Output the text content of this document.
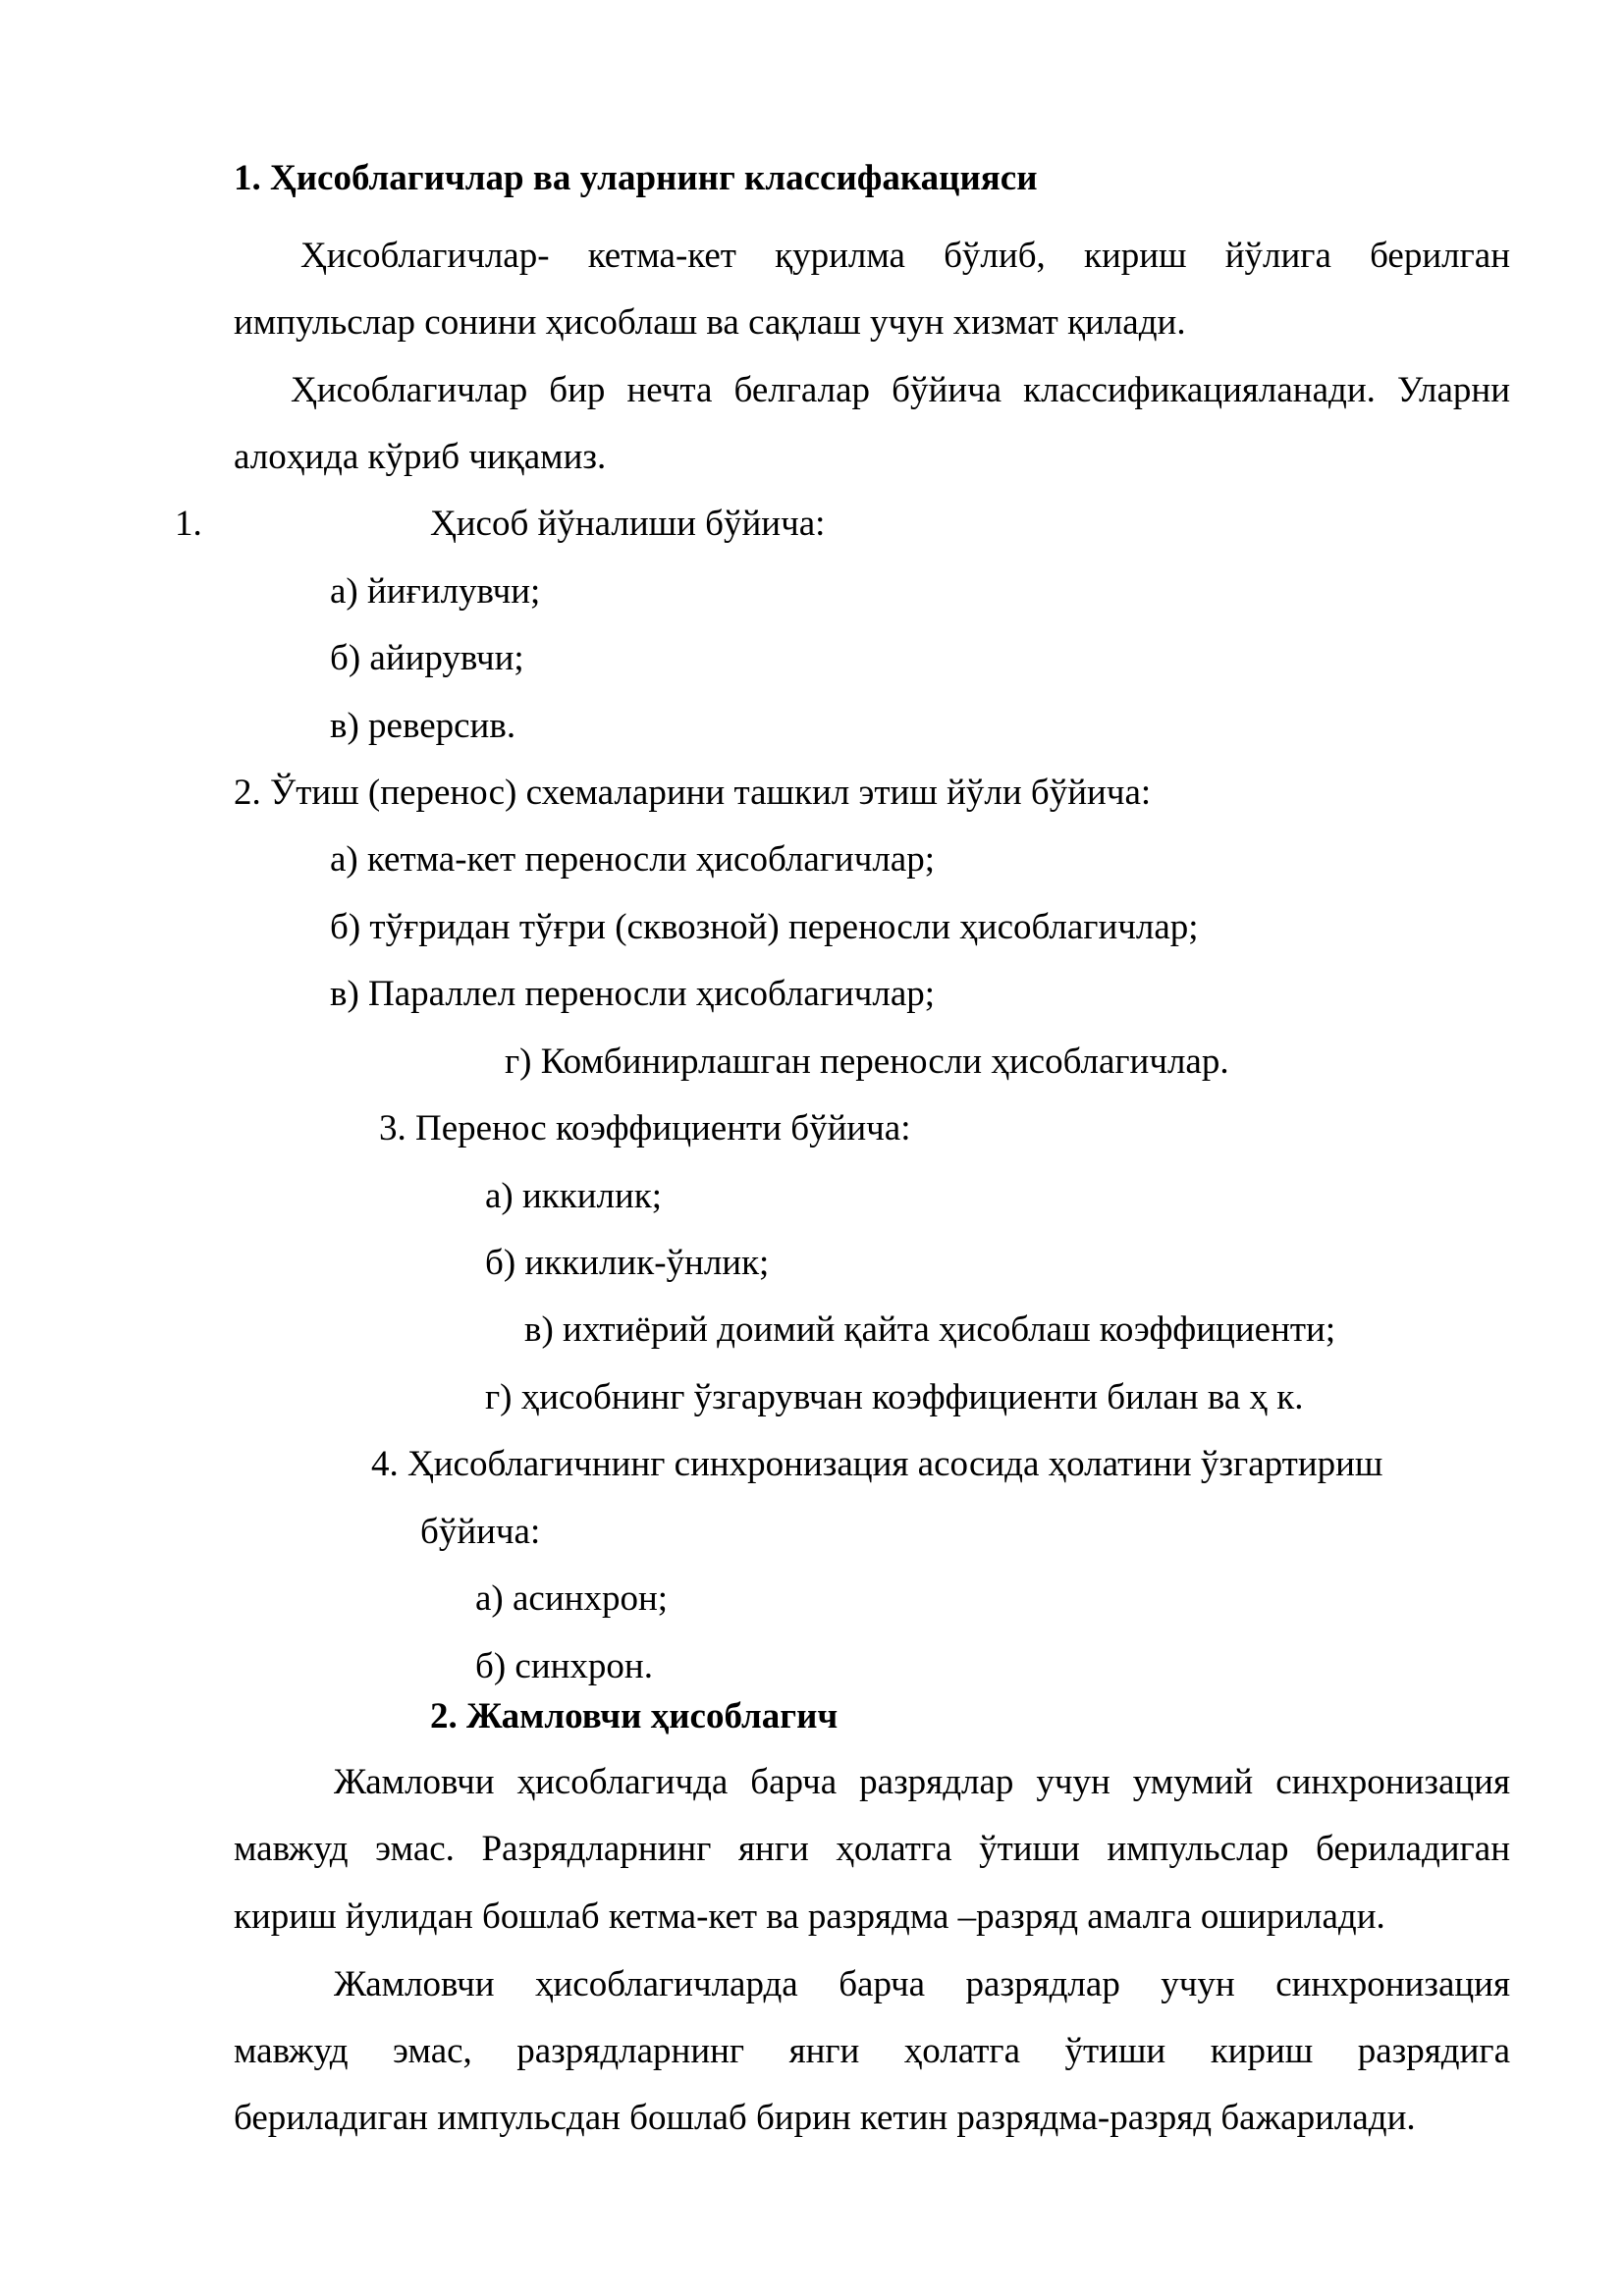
1. Ҳисоблагичлар ва уларнинг классифакацияси
Ҳисоблагичлар- кетма-кет қурилма бўлиб, кириш йўлига берилган
импульслар сонини ҳисоблаш ва сақлаш учун хизмат қилади.
Ҳисоблагичлар бир нечта белгалар бўйича классификацияланади. Уларни
алоҳида кўриб чиқамиз.
1.	Ҳисоб йўналиши бўйича:
а) йиғилувчи;
б) айирувчи;
в) реверсив.
2. Ўтиш (перенос) схемаларини ташкил этиш йўли бўйича:
а) кетма-кет переносли ҳисоблагичлар;
б) тўғридан тўғри (сквозной) переносли ҳисоблагичлар;
в) Параллел переносли ҳисоблагичлар;
г) Комбинирлашган переносли ҳисоблагичлар.
3. Перенос коэффициенти бўйича:
а) иккилик;
б) иккилик-ўнлик;
в) ихтиёрий доимий қайта ҳисоблаш коэффициенти;
г) ҳисобнинг ўзгарувчан коэффициенти билан ва ҳ к.
4. Ҳисоблагичнинг синхронизация асосида ҳолатини ўзгартириш
бўйича:
а) асинхрон;
б) синхрон.
2. Жамловчи ҳисоблагич
Жамловчи ҳисоблагичда барча разрядлар учун умумий синхронизация
мавжуд эмас. Разрядларнинг янги ҳолатга ўтиши импульслар бериладиган
кириш йулидан бошлаб кетма-кет ва разрядма –разряд амалга оширилади.
Жамловчи ҳисоблагичларда барча разрядлар учун синхронизация
мавжуд эмас, разрядларнинг янги ҳолатга ўтиши кириш разрядига
бериладиган импульсдан бошлаб бирин кетин разрядма-разряд бажарилади.
